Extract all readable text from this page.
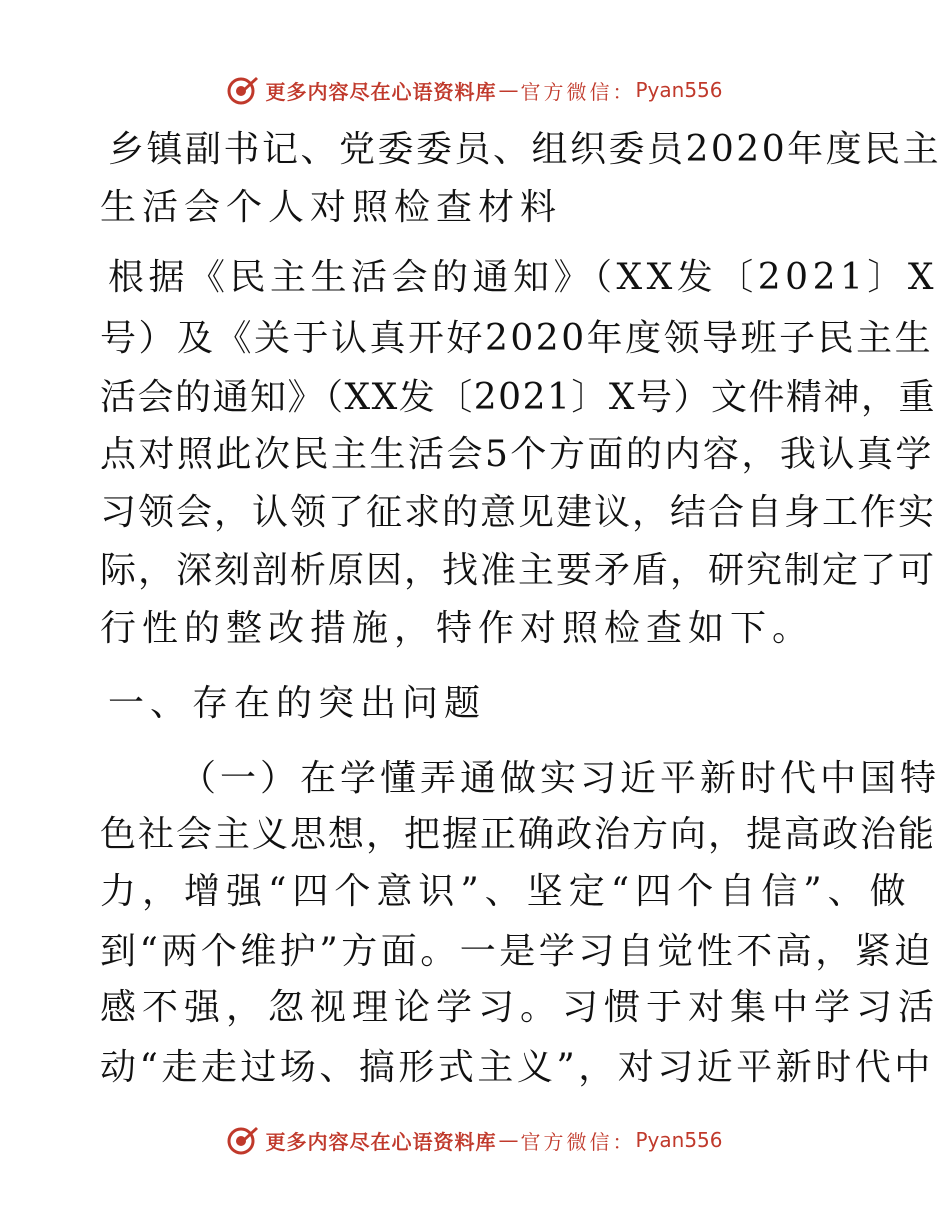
更多内容尽在心语资料库 — 官方微信： Pyan556
乡镇副书记、党委委员、组织委员2020年度民主
生活会个人对照检查材料
根据《民主生活会的通知》（XX发〔2021〕X
号）及《关于认真开好2020年度领导班子民主生
活会的通知》（XX发〔2021〕X号）文件精神，重
点对照此次民主生活会5个方面的内容，我认真学
习领会，认领了征求的意见建议，结合自身工作实
际，深刻剖析原因，找准主要矛盾，研究制定了可
行性的整改措施，特作对照检查如下。
一、存在的突出问题
（一）在学懂弄通做实习近平新时代中国特
色社会主义思想，把握正确政治方向，提高政治能
力，增强“四个意识”、坚定“四个自信”、做
到“两个维护”方面。一是学习自觉性不高，紧迫
感不强，忽视理论学习。习惯于对集中学习活
动“走走过场、搞形式主义”，对习近平新时代中
更多内容尽在心语资料库 — 官方微信： Pyan556
